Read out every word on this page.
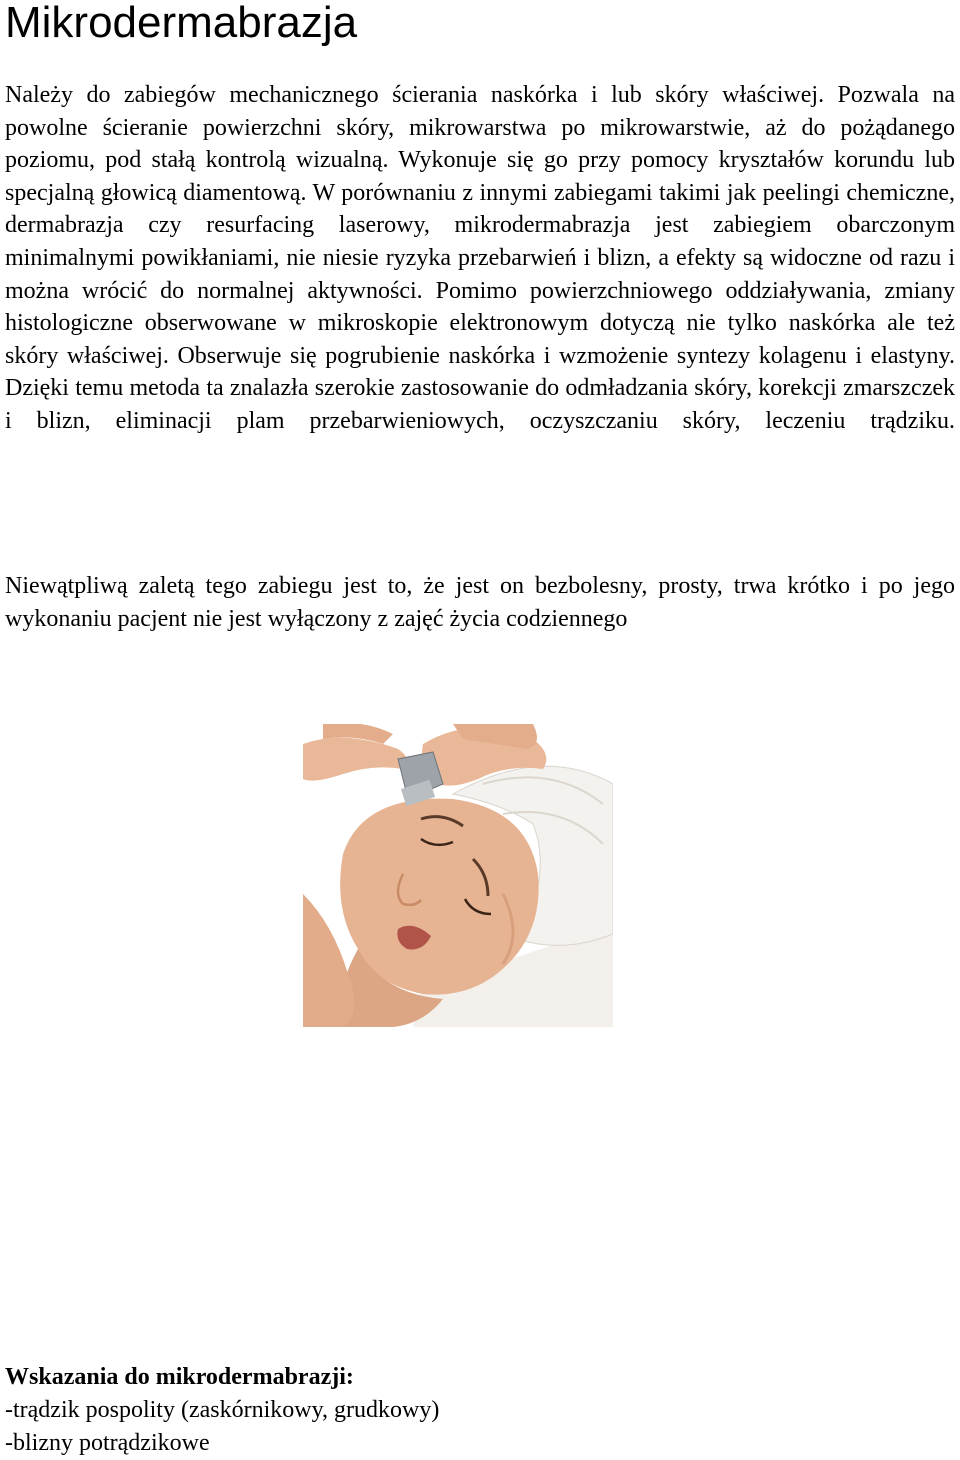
Mikrodermabrazja

Należy do zabiegów mechanicznego ścierania naskórka i lub skóry właściwej. Pozwala na powolne ścieranie powierzchni skóry, mikrowarstwa po mikrowarstwie, aż do pożądanego poziomu, pod stałą kontrolą wizualną. Wykonuje się go przy pomocy kryształów korundu lub specjalną głowicą diamentową. W porównaniu z innymi zabiegami takimi jak peelingi chemiczne, dermabrazja czy resurfacing laserowy, mikrodermabrazja jest zabiegiem obarczonym minimalnymi powikłaniami, nie niesie ryzyka przebarwień i blizn, a efekty są widoczne od razu i można wrócić do normalnej aktywności. Pomimo powierzchniowego oddziaływania, zmiany histologiczne obserwowane w mikroskopie elektronowym dotyczą nie tylko naskórka ale też skóry właściwej. Obserwuje się pogrubienie naskórka i wzmożenie syntezy kolagenu i elastyny. Dzięki temu metoda ta znalazła szerokie zastosowanie do odmładzania skóry, korekcji zmarszczek i blizn, eliminacji plam przebarwieniowych, oczyszczaniu skóry, leczeniu trądziku.

Niewątpliwą zaletą tego zabiegu jest to, że jest on bezbolesny, prosty, trwa krótko i po jego wykonaniu pacjent nie jest wyłączony z zajęć życia codziennego

Wskazania do mikrodermabrazji:
-trądzik pospolity (zaskórnikowy, grudkowy)
-blizny potrądzikowe
